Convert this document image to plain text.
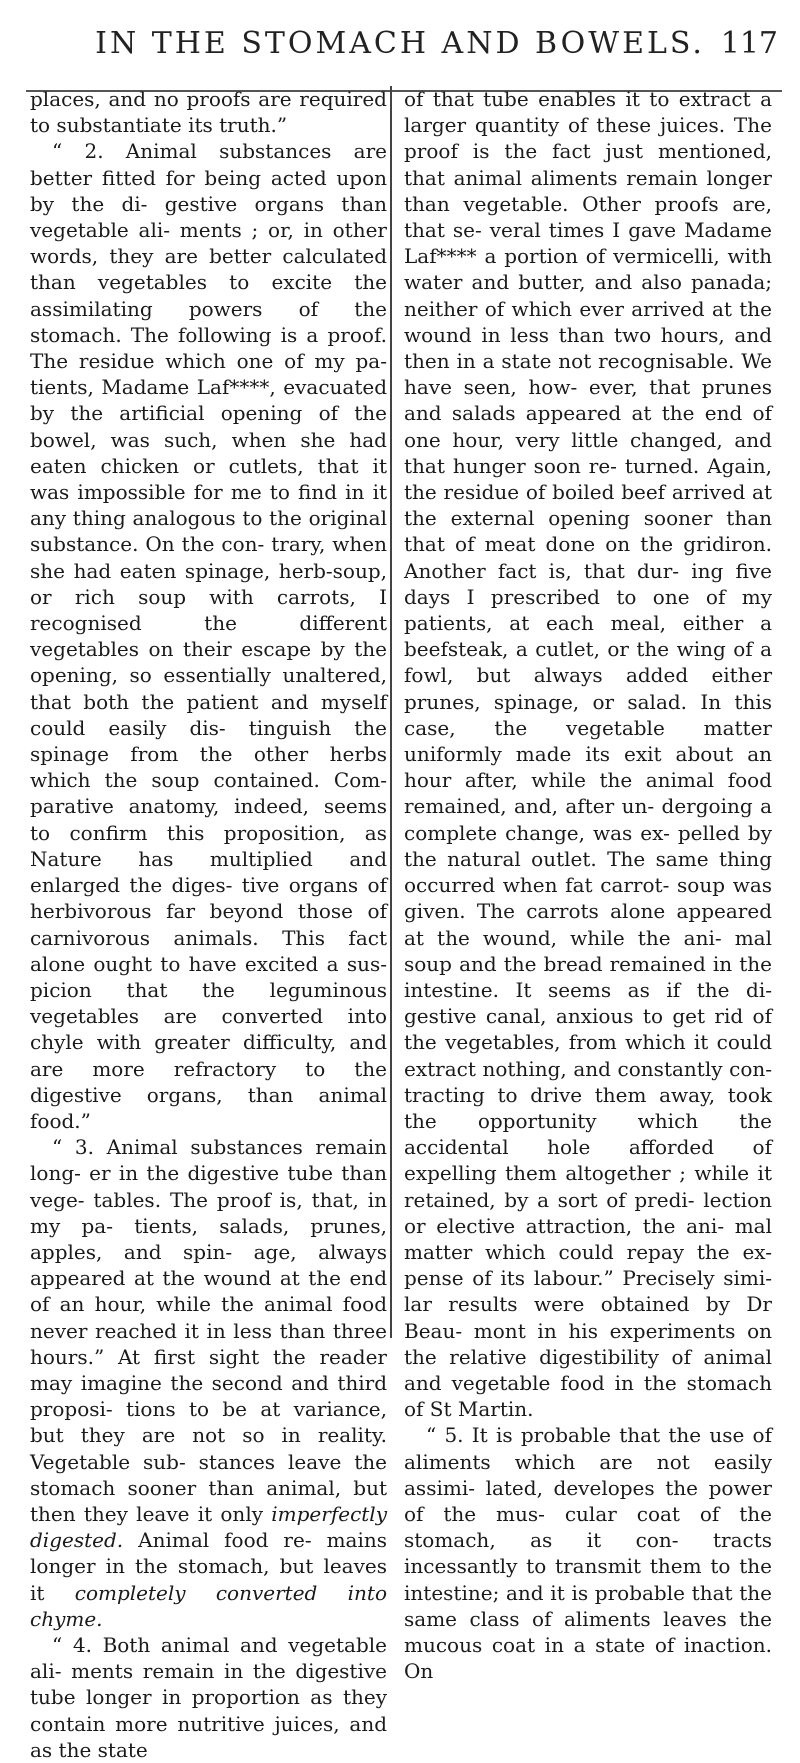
IN THE STOMACH AND BOWELS. 117

places, and no proofs are required to substantiate its truth.”

“ 2. Animal substances are better fitted for being acted upon by the di- gestive organs than vegetable ali- ments ; or, in other words, they are better calculated than vegetables to excite the assimilating powers of the stomach. The following is a proof. The residue which one of my pa- tients, Madame Laf****, evacuated by the artificial opening of the bowel, was such, when she had eaten chicken or cutlets, that it was impossible for me to find in it any thing analogous to the original substance. On the con- trary, when she had eaten spinage, herb-soup, or rich soup with carrots, I recognised the different vegetables on their escape by the opening, so essentially unaltered, that both the patient and myself could easily dis- tinguish the spinage from the other herbs which the soup contained. Com- parative anatomy, indeed, seems to confirm this proposition, as Nature has multiplied and enlarged the diges- tive organs of herbivorous far beyond those of carnivorous animals. This fact alone ought to have excited a sus- picion that the leguminous vegetables are converted into chyle with greater difficulty, and are more refractory to the digestive organs, than animal food.”

“ 3. Animal substances remain long- er in the digestive tube than vege- tables. The proof is, that, in my pa- tients, salads, prunes, apples, and spin- age, always appeared at the wound at the end of an hour, while the animal food never reached it in less than three hours.” At first sight the reader may imagine the second and third proposi- tions to be at variance, but they are not so in reality. Vegetable sub- stances leave the stomach sooner than animal, but then they leave it only imperfectly digested. Animal food re- mains longer in the stomach, but leaves it completely converted into chyme.

“ 4. Both animal and vegetable ali- ments remain in the digestive tube longer in proportion as they contain more nutritive juices, and as the state

of that tube enables it to extract a larger quantity of these juices. The proof is the fact just mentioned, that animal aliments remain longer than vegetable. Other proofs are, that se- veral times I gave Madame Laf**** a portion of vermicelli, with water and butter, and also panada; neither of which ever arrived at the wound in less than two hours, and then in a state not recognisable. We have seen, how- ever, that prunes and salads appeared at the end of one hour, very little changed, and that hunger soon re- turned. Again, the residue of boiled beef arrived at the external opening sooner than that of meat done on the gridiron. Another fact is, that dur- ing five days I prescribed to one of my patients, at each meal, either a beefsteak, a cutlet, or the wing of a fowl, but always added either prunes, spinage, or salad. In this case, the vegetable matter uniformly made its exit about an hour after, while the animal food remained, and, after un- dergoing a complete change, was ex- pelled by the natural outlet. The same thing occurred when fat carrot- soup was given. The carrots alone appeared at the wound, while the ani- mal soup and the bread remained in the intestine. It seems as if the di- gestive canal, anxious to get rid of the vegetables, from which it could extract nothing, and constantly con- tracting to drive them away, took the opportunity which the accidental hole afforded of expelling them altogether ; while it retained, by a sort of predi- lection or elective attraction, the ani- mal matter which could repay the ex- pense of its labour.” Precisely simi- lar results were obtained by Dr Beau- mont in his experiments on the relative digestibility of animal and vegetable food in the stomach of St Martin.

“ 5. It is probable that the use of aliments which are not easily assimi- lated, developes the power of the mus- cular coat of the stomach, as it con- tracts incessantly to transmit them to the intestine; and it is probable that the same class of aliments leaves the mucous coat in a state of inaction. On
